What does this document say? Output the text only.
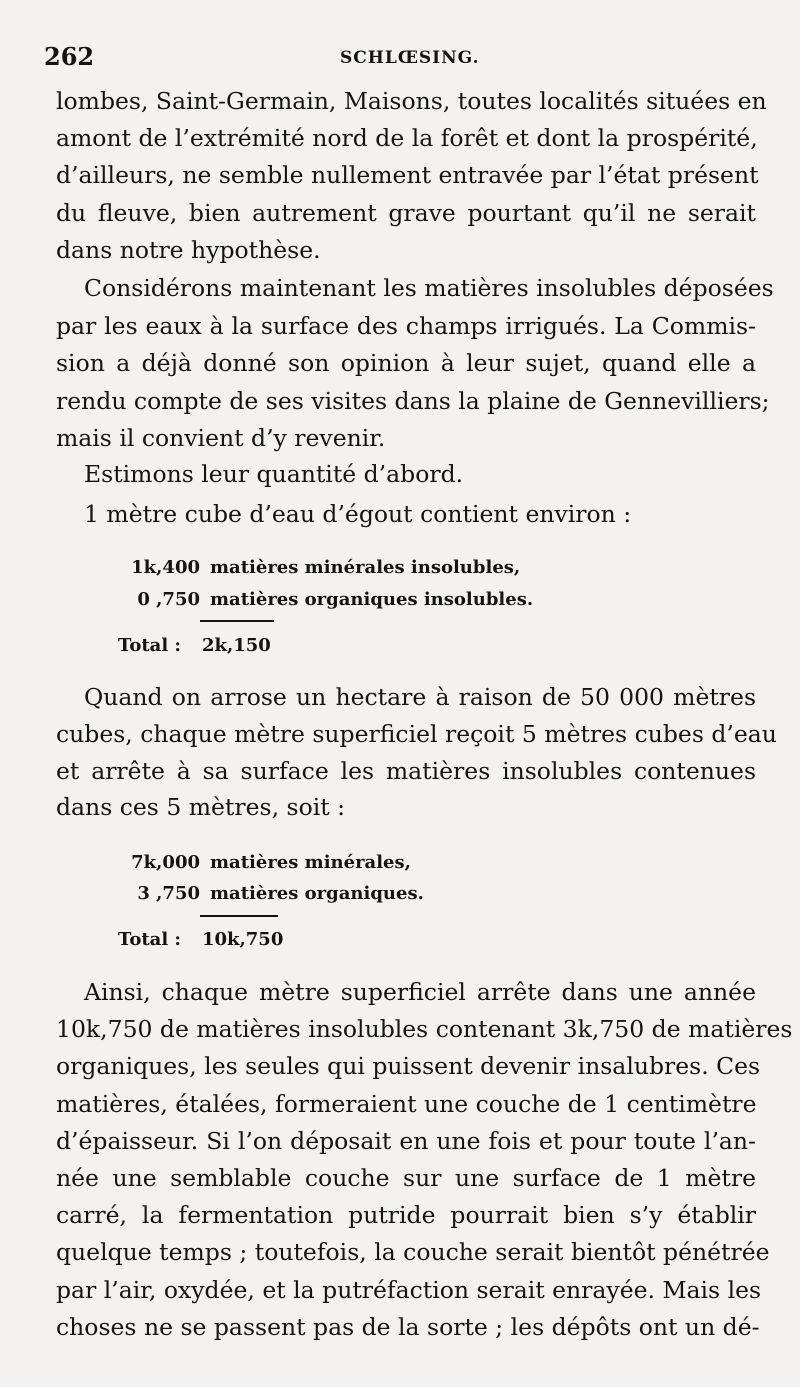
262	SCHLŒSING.
lombes, Saint-Germain, Maisons, toutes localités situées en
amont de l’extrémité nord de la forêt et dont la prospérité,
d’ailleurs, ne semble nullement entravée par l’état présent
du fleuve, bien autrement grave pourtant qu’il ne serait
dans notre hypothèse.
Considérons maintenant les matières insolubles déposées
par les eaux à la surface des champs irrigués. La Commis-
sion a déjà donné son opinion à leur sujet, quand elle a
rendu compte de ses visites dans la plaine de Gennevilliers;
mais il convient d’y revenir.
Estimons leur quantité d’abord.
1 mètre cube d’eau d’égout contient environ :
1k,400 matières minérales insolubles,
0 ,750 matières organiques insolubles.
Total : 2k,150
Quand on arrose un hectare à raison de 50 000 mètres
cubes, chaque mètre superficiel reçoit 5 mètres cubes d’eau
et arrête à sa surface les matières insolubles contenues
dans ces 5 mètres, soit :
7k,000 matières minérales,
3 ,750 matières organiques.
Total : 10k,750
Ainsi, chaque mètre superficiel arrête dans une année
10k,750 de matières insolubles contenant 3k,750 de matières
organiques, les seules qui puissent devenir insalubres. Ces
matières, étalées, formeraient une couche de 1 centimètre
d’épaisseur. Si l’on déposait en une fois et pour toute l’an-
née une semblable couche sur une surface de 1 mètre
carré, la fermentation putride pourrait bien s’y établir
quelque temps ; toutefois, la couche serait bientôt pénétrée
par l’air, oxydée, et la putréfaction serait enrayée. Mais les
choses ne se passent pas de la sorte ; les dépôts ont un dé-
